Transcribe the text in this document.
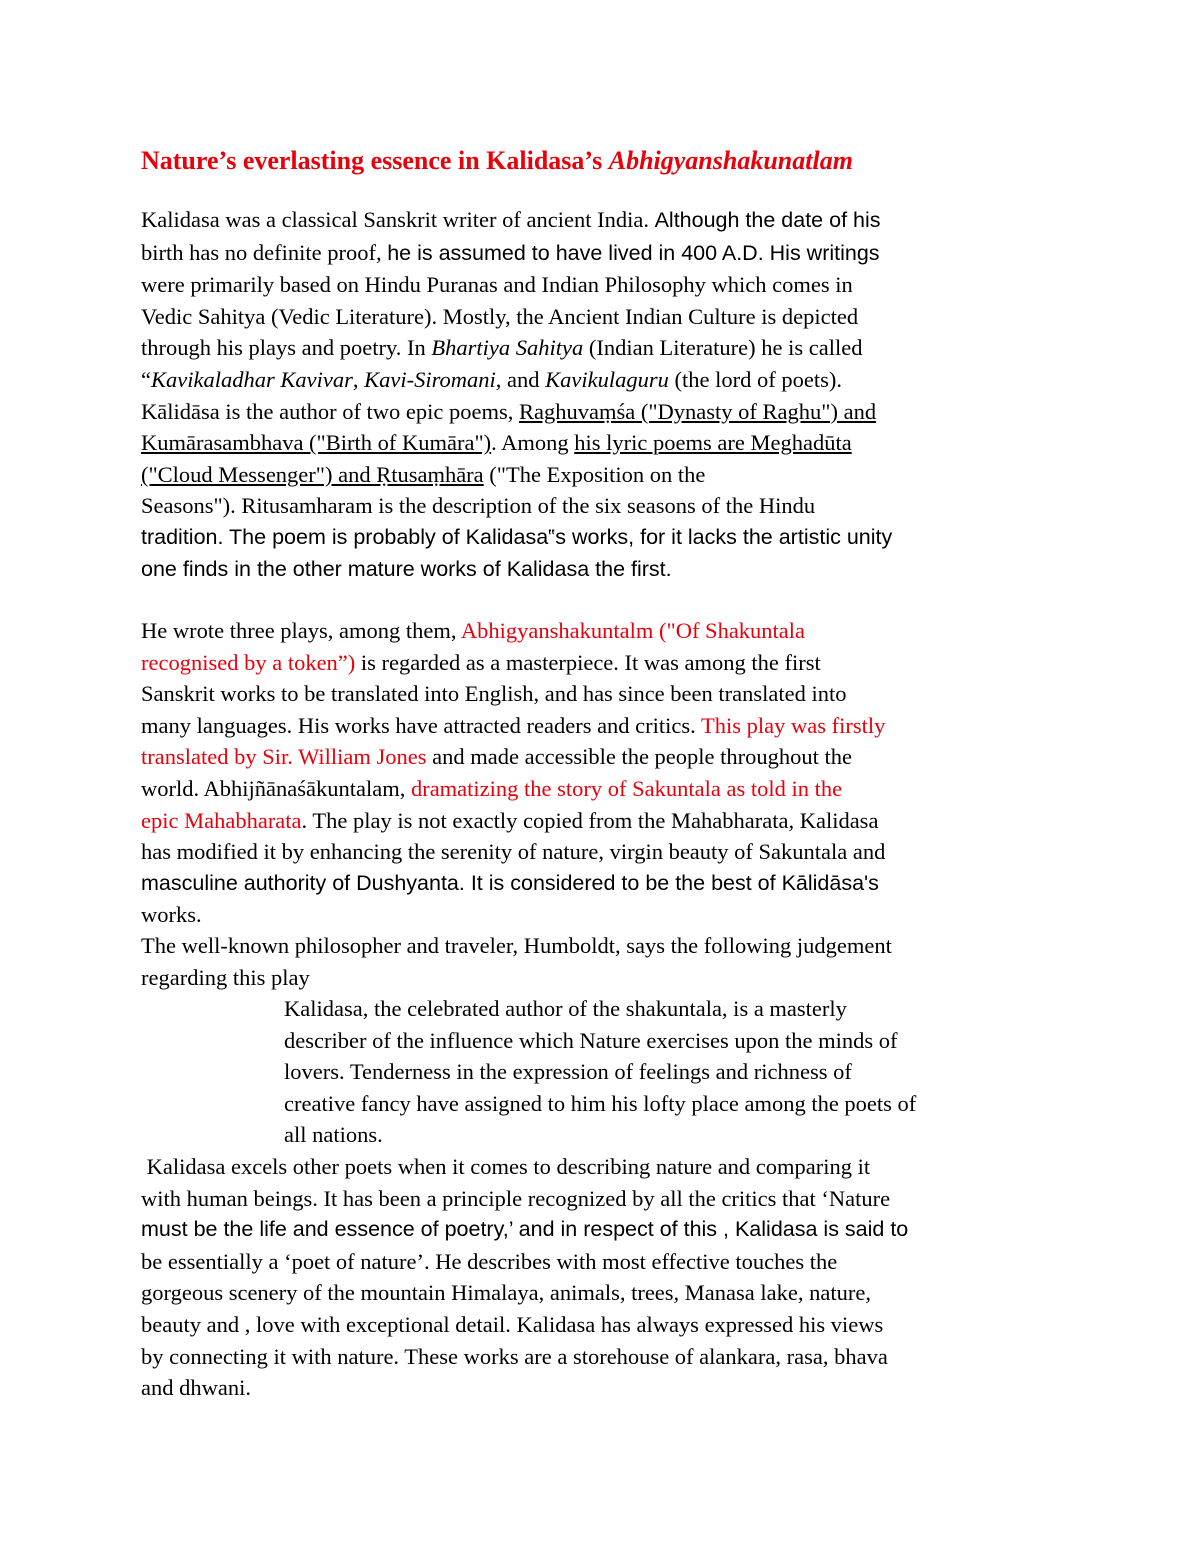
Nature’s everlasting essence in Kalidasa’s Abhigyanshakunatlam
Kalidasa was a classical Sanskrit writer of ancient India. Although the date of his
birth has no definite proof, he is assumed to have lived in 400 A.D. His writings
were primarily based on Hindu Puranas and Indian Philosophy which comes in
Vedic Sahitya (Vedic Literature). Mostly, the Ancient Indian Culture is depicted
through his plays and poetry. In Bhartiya Sahitya (Indian Literature) he is called
“Kavikaladhar Kavivar, Kavi-Siromani, and Kavikulaguru (the lord of poets).
Kālidāsa is the author of two epic poems, Raghuvaṃśa ("Dynasty of Raghu") and
Kumārasambhava ("Birth of Kumāra"). Among his lyric poems are Meghadūta
("Cloud Messenger") and Ṛtusaṃhāra ("The Exposition on the
Seasons"). Ritusamharam is the description of the six seasons of the Hindu
tradition. The poem is probably of Kalidasa‟s works, for it lacks the artistic unity
one finds in the other mature works of Kalidasa the first.
He wrote three plays, among them, Abhigyanshakuntalm ("Of Shakuntala
recognised by a token”) is regarded as a masterpiece. It was among the first
Sanskrit works to be translated into English, and has since been translated into
many languages. His works have attracted readers and critics. This play was firstly
translated by Sir. William Jones and made accessible the people throughout the
world. Abhijñānaśākuntalam, dramatizing the story of Sakuntala as told in the
epic Mahabharata. The play is not exactly copied from the Mahabharata, Kalidasa
has modified it by enhancing the serenity of nature, virgin beauty of Sakuntala and
masculine authority of Dushyanta. It is considered to be the best of Kālidāsa's
works.
The well-known philosopher and traveler, Humboldt, says the following judgement
regarding this play
Kalidasa, the celebrated author of the shakuntala, is a masterly
describer of the influence which Nature exercises upon the minds of
lovers. Tenderness in the expression of feelings and richness of
creative fancy have assigned to him his lofty place among the poets of
all nations.
Kalidasa excels other poets when it comes to describing nature and comparing it
with human beings. It has been a principle recognized by all the critics that ‘Nature
must be the life and essence of poetry,’ and in respect of this , Kalidasa is said to
be essentially a ‘poet of nature’. He describes with most effective touches the
gorgeous scenery of the mountain Himalaya, animals, trees, Manasa lake, nature,
beauty and , love with exceptional detail. Kalidasa has always expressed his views
by connecting it with nature. These works are a storehouse of alankara, rasa, bhava
and dhwani.
